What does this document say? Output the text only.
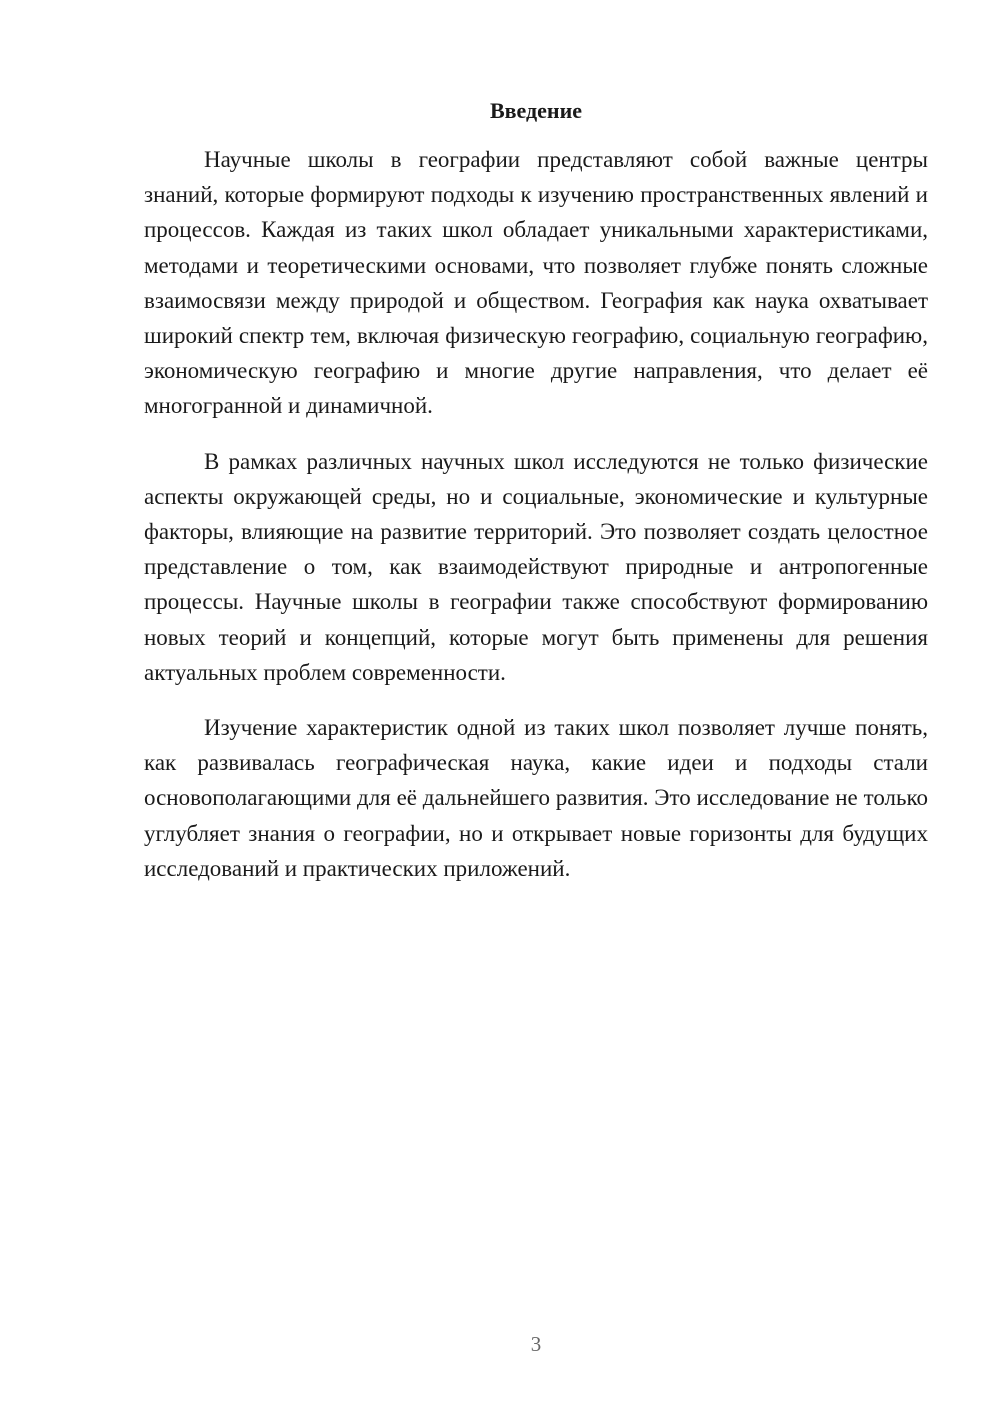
Введение

Научные школы в географии представляют собой важные центры знаний, которые формируют подходы к изучению пространственных явлений и процессов. Каждая из таких школ обладает уникальными характеристиками, методами и теоретическими основами, что позволяет глубже понять сложные взаимосвязи между природой и обществом. География как наука охватывает широкий спектр тем, включая физическую географию, социальную географию, экономическую географию и многие другие направления, что делает её многогранной и динамичной.

В рамках различных научных школ исследуются не только физические аспекты окружающей среды, но и социальные, экономические и культурные факторы, влияющие на развитие территорий. Это позволяет создать целостное представление о том, как взаимодействуют природные и антропогенные процессы. Научные школы в географии также способствуют формированию новых теорий и концепций, которые могут быть применены для решения актуальных проблем современности.

Изучение характеристик одной из таких школ позволяет лучше понять, как развивалась географическая наука, какие идеи и подходы стали основополагающими для её дальнейшего развития. Это исследование не только углубляет знания о географии, но и открывает новые горизонты для будущих исследований и практических приложений.

3
